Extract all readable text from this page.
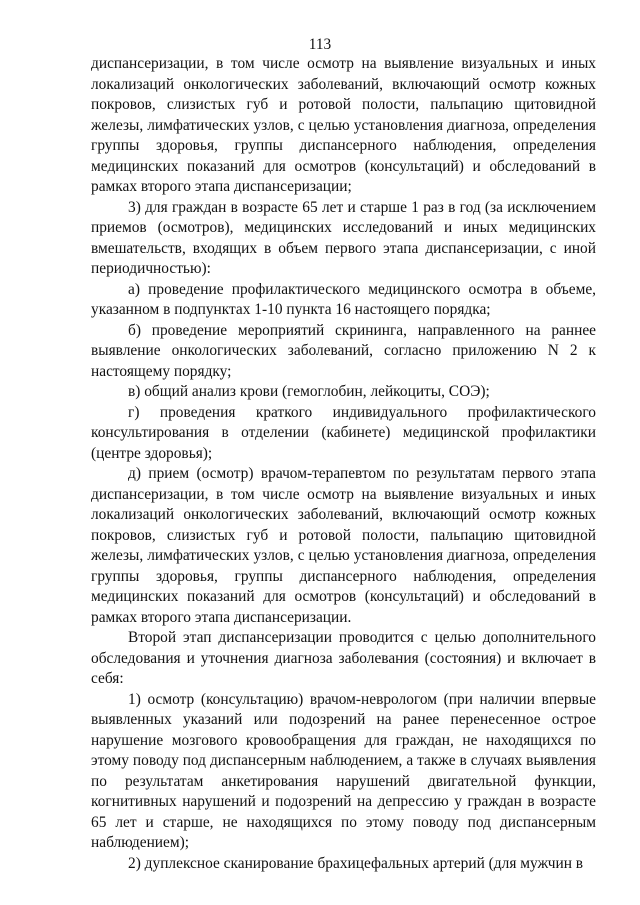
113

диспансеризации, в том числе осмотр на выявление визуальных и иных локализаций онкологических заболеваний, включающий осмотр кожных покровов, слизистых губ и ротовой полости, пальпацию щитовидной железы, лимфатических узлов, с целью установления диагноза, определения группы здоровья, группы диспансерного наблюдения, определения медицинских показаний для осмотров (консультаций) и обследований в рамках второго этапа диспансеризации;

3) для граждан в возрасте 65 лет и старше 1 раз в год (за исключением приемов (осмотров), медицинских исследований и иных медицинских вмешательств, входящих в объем первого этапа диспансеризации, с иной периодичностью):

а) проведение профилактического медицинского осмотра в объеме, указанном в подпунктах 1-10 пункта 16 настоящего порядка;

б) проведение мероприятий скрининга, направленного на раннее выявление онкологических заболеваний, согласно приложению N 2 к настоящему порядку;

в) общий анализ крови (гемоглобин, лейкоциты, СОЭ);

г) проведения краткого индивидуального профилактического консультирования в отделении (кабинете) медицинской профилактики (центре здоровья);

д) прием (осмотр) врачом-терапевтом по результатам первого этапа диспансеризации, в том числе осмотр на выявление визуальных и иных локализаций онкологических заболеваний, включающий осмотр кожных покровов, слизистых губ и ротовой полости, пальпацию щитовидной железы, лимфатических узлов, с целью установления диагноза, определения группы здоровья, группы диспансерного наблюдения, определения медицинских показаний для осмотров (консультаций) и обследований в рамках второго этапа диспансеризации.

Второй этап диспансеризации проводится с целью дополнительного обследования и уточнения диагноза заболевания (состояния) и включает в себя:

1) осмотр (консультацию) врачом-неврологом (при наличии впервые выявленных указаний или подозрений на ранее перенесенное острое нарушение мозгового кровообращения для граждан, не находящихся по этому поводу под диспансерным наблюдением, а также в случаях выявления по результатам анкетирования нарушений двигательной функции, когнитивных нарушений и подозрений на депрессию у граждан в возрасте 65 лет и старше, не находящихся по этому поводу под диспансерным наблюдением);

2) дуплексное сканирование брахицефальных артерий (для мужчин в
